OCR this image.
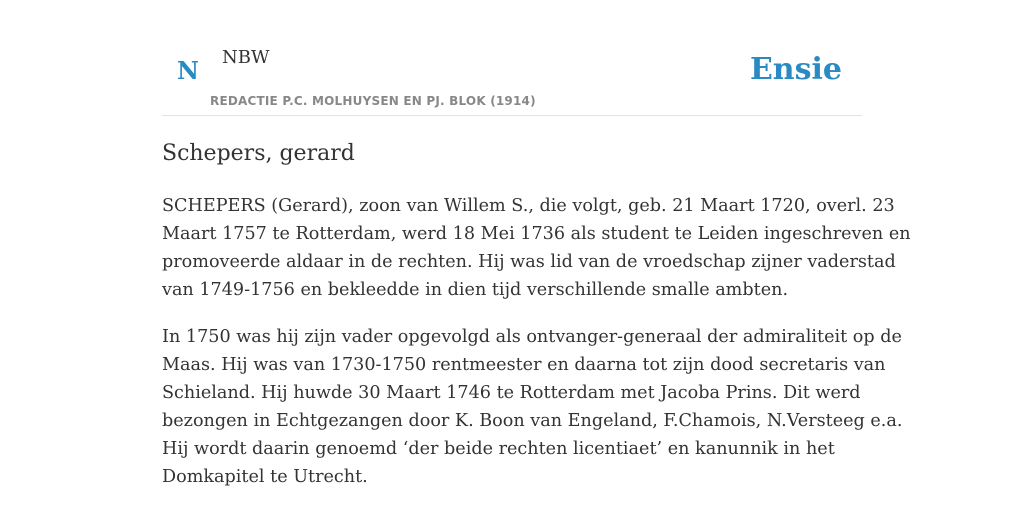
N NBW
REDACTIE P.C. MOLHUYSEN EN PJ. BLOK (1914)
Ensie
Schepers, gerard

SCHEPERS (Gerard), zoon van Willem S., die volgt, geb. 21 Maart 1720, overl. 23
Maart 1757 te Rotterdam, werd 18 Mei 1736 als student te Leiden ingeschreven en
promoveerde aldaar in de rechten. Hij was lid van de vroedschap zijner vaderstad
van 1749-1756 en bekleedde in dien tijd verschillende smalle ambten.

In 1750 was hij zijn vader opgevolgd als ontvanger-generaal der admiraliteit op de
Maas. Hij was van 1730-1750 rentmeester en daarna tot zijn dood secretaris van
Schieland. Hij huwde 30 Maart 1746 te Rotterdam met Jacoba Prins. Dit werd
bezongen in Echtgezangen door K. Boon van Engeland, F.Chamois, N.Versteeg e.a.
Hij wordt daarin genoemd ‘der beide rechten licentiaet’ en kanunnik in het
Domkapitel te Utrecht.
